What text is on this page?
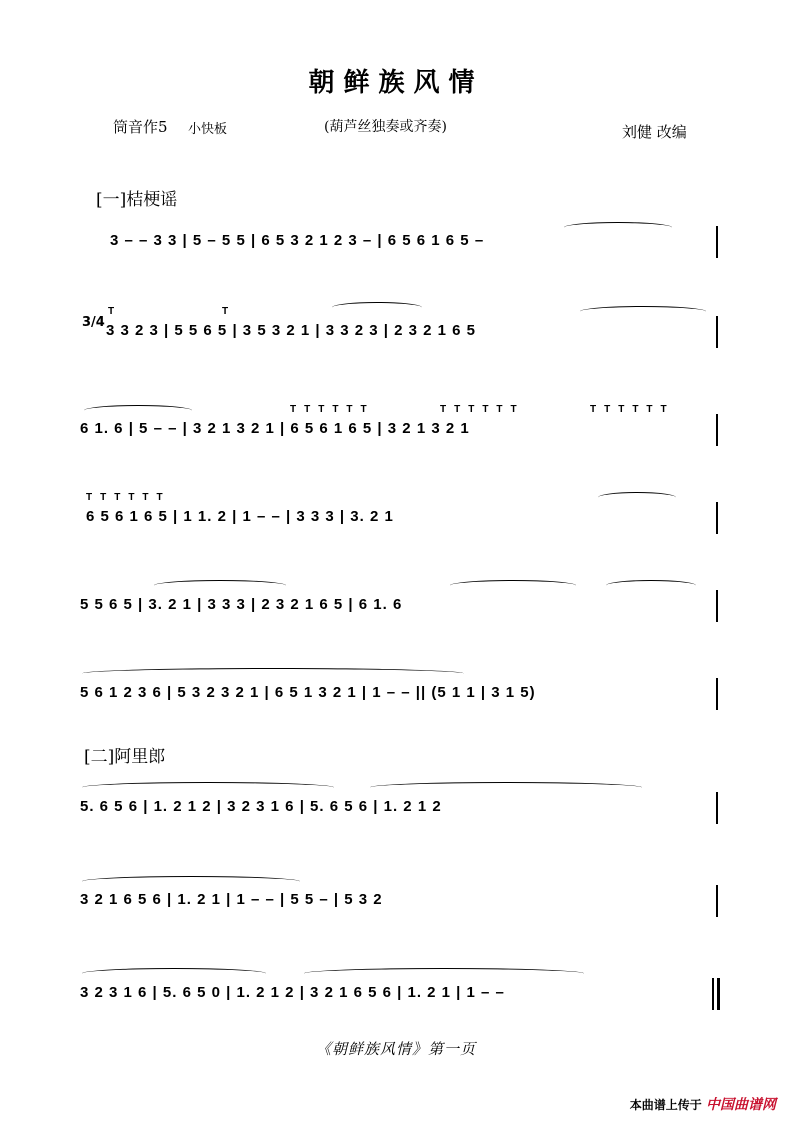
朝鲜族风情
筒音作5 小快板	(葫芦丝独奏或齐奏)	刘健 改编
[一]桔梗谣
[二]阿里郎
3 – – 3 3 | 5 – 5 5 | 6 5 3 2 1 2 3 – | 6 5 6 1 6 5 –
3/4 3 3 2 3 | 5 5 6 5 | 3 5 3 2 1 | 3 3 2 3 | 2 3 2 1 6 5
T	T
6 1. 6 | 5 – – | 3 2 1 3 2 1 | 6 5 6 1 6 5 | 3 2 1 3 2 1
TTTTTT	TTTTTT	TTTTTT
6 5 6 1 6 5 | 1 1. 2 | 1 – – | 3 3 3 | 3. 2 1
TTTTTT
5 5 6 5 | 3. 2 1 | 3 3 3 | 2 3 2 1 6 5 | 6 1. 6
5 6 1 2 3 6 | 5 3 2 3 2 1 | 6 5 1 3 2 1 | 1 – – || (5 1 1 | 3 1 5)
5. 6 5 6 | 1. 2 1 2 | 3 2 3 1 6 | 5. 6 5 6 | 1. 2 1 2
3 2 1 6 5 6 | 1. 2 1 | 1 – – | 5 5 – | 5 3 2
3 2 3 1 6 | 5. 6 5 0 | 1. 2 1 2 | 3 2 1 6 5 6 | 1. 2 1 | 1 – –
《朝鲜族风情》第一页
本曲谱上传于 中国曲谱网
